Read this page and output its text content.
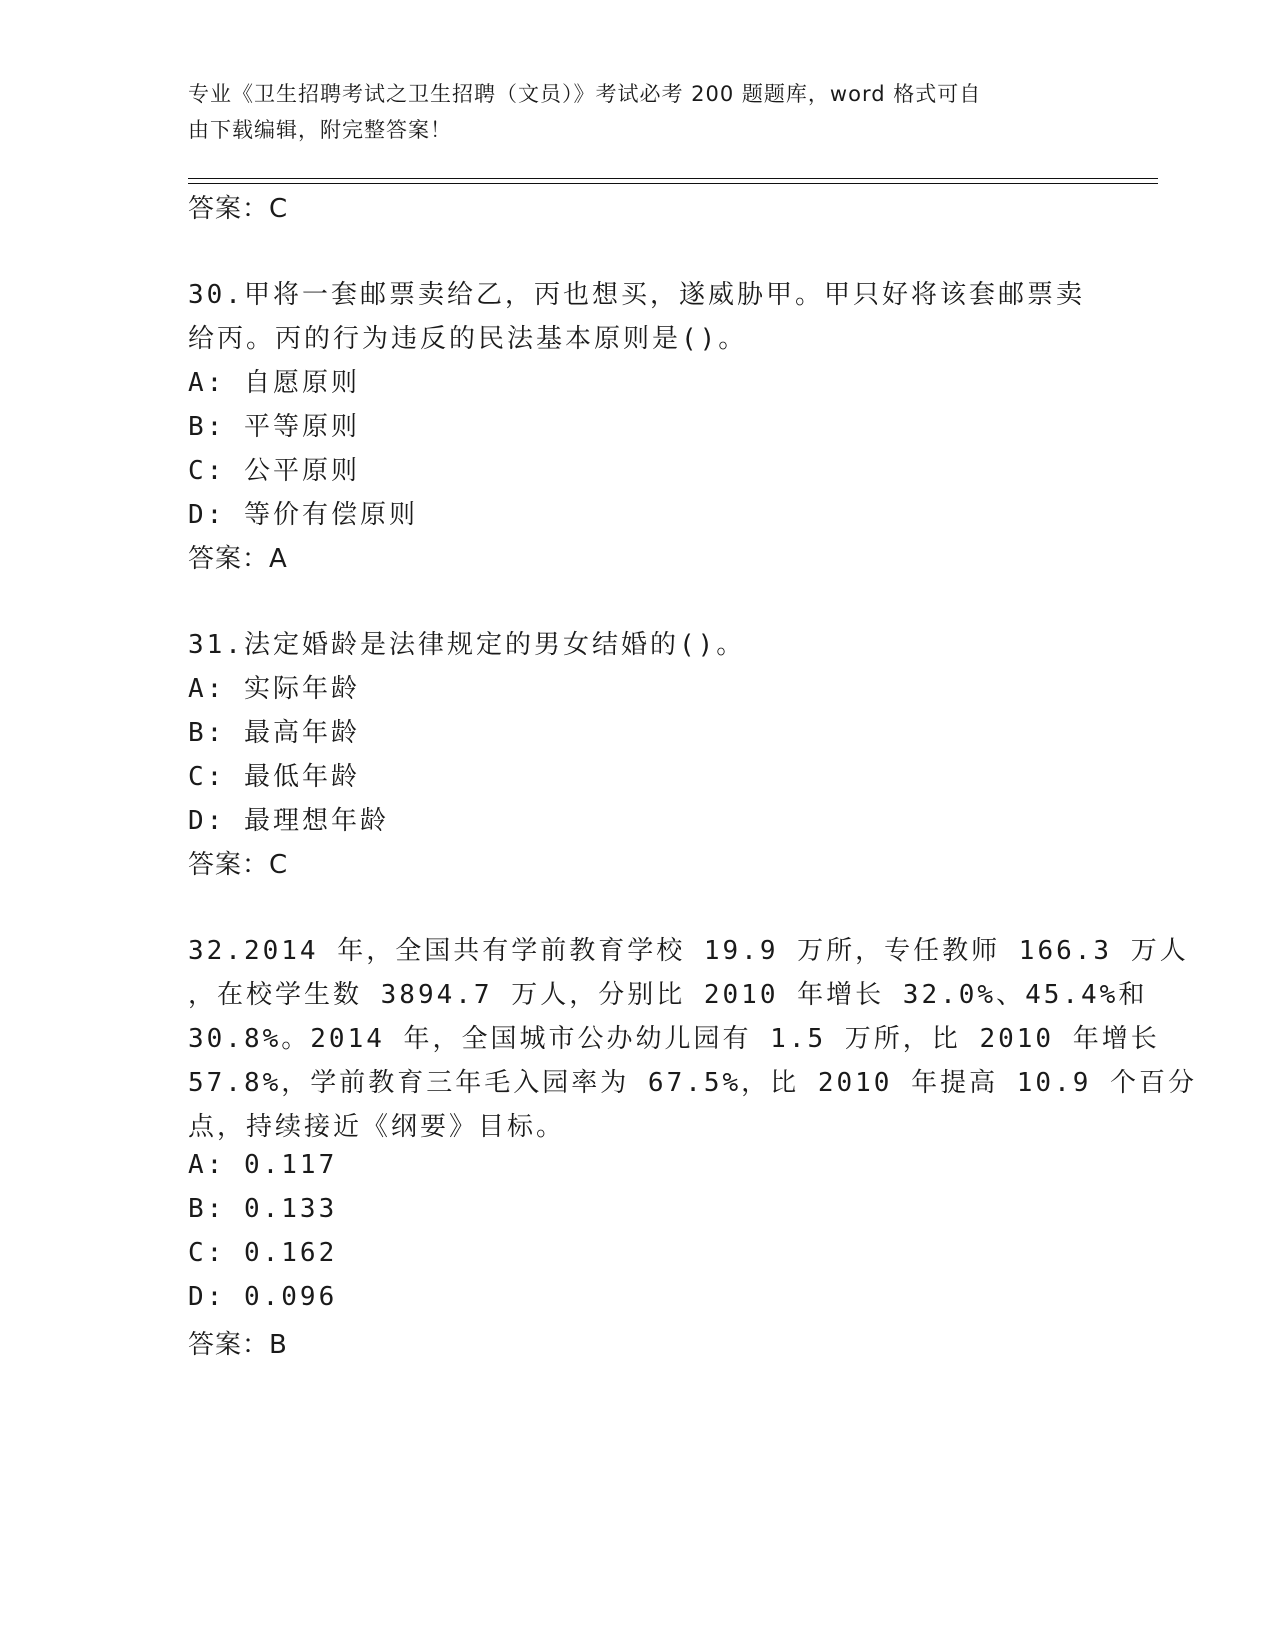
专业《卫生招聘考试之卫生招聘（文员）》考试必考 200 题题库，word 格式可自
由下载编辑，附完整答案！
答案：C
30.甲将一套邮票卖给乙，丙也想买，遂威胁甲。甲只好将该套邮票卖
给丙。丙的行为违反的民法基本原则是()。
A: 自愿原则
B: 平等原则
C: 公平原则
D: 等价有偿原则
答案：A
31.法定婚龄是法律规定的男女结婚的()。
A: 实际年龄
B: 最高年龄
C: 最低年龄
D: 最理想年龄
答案：C
32.2014 年，全国共有学前教育学校 19.9 万所，专任教师 166.3 万人
，在校学生数 3894.7 万人，分别比 2010 年增长 32.0%、45.4%和
30.8%。2014 年，全国城市公办幼儿园有 1.5 万所，比 2010 年增长
57.8%，学前教育三年毛入园率为 67.5%，比 2010 年提高 10.9 个百分
点，持续接近《纲要》目标。
A: 0.117
B: 0.133
C: 0.162
D: 0.096
答案：B
